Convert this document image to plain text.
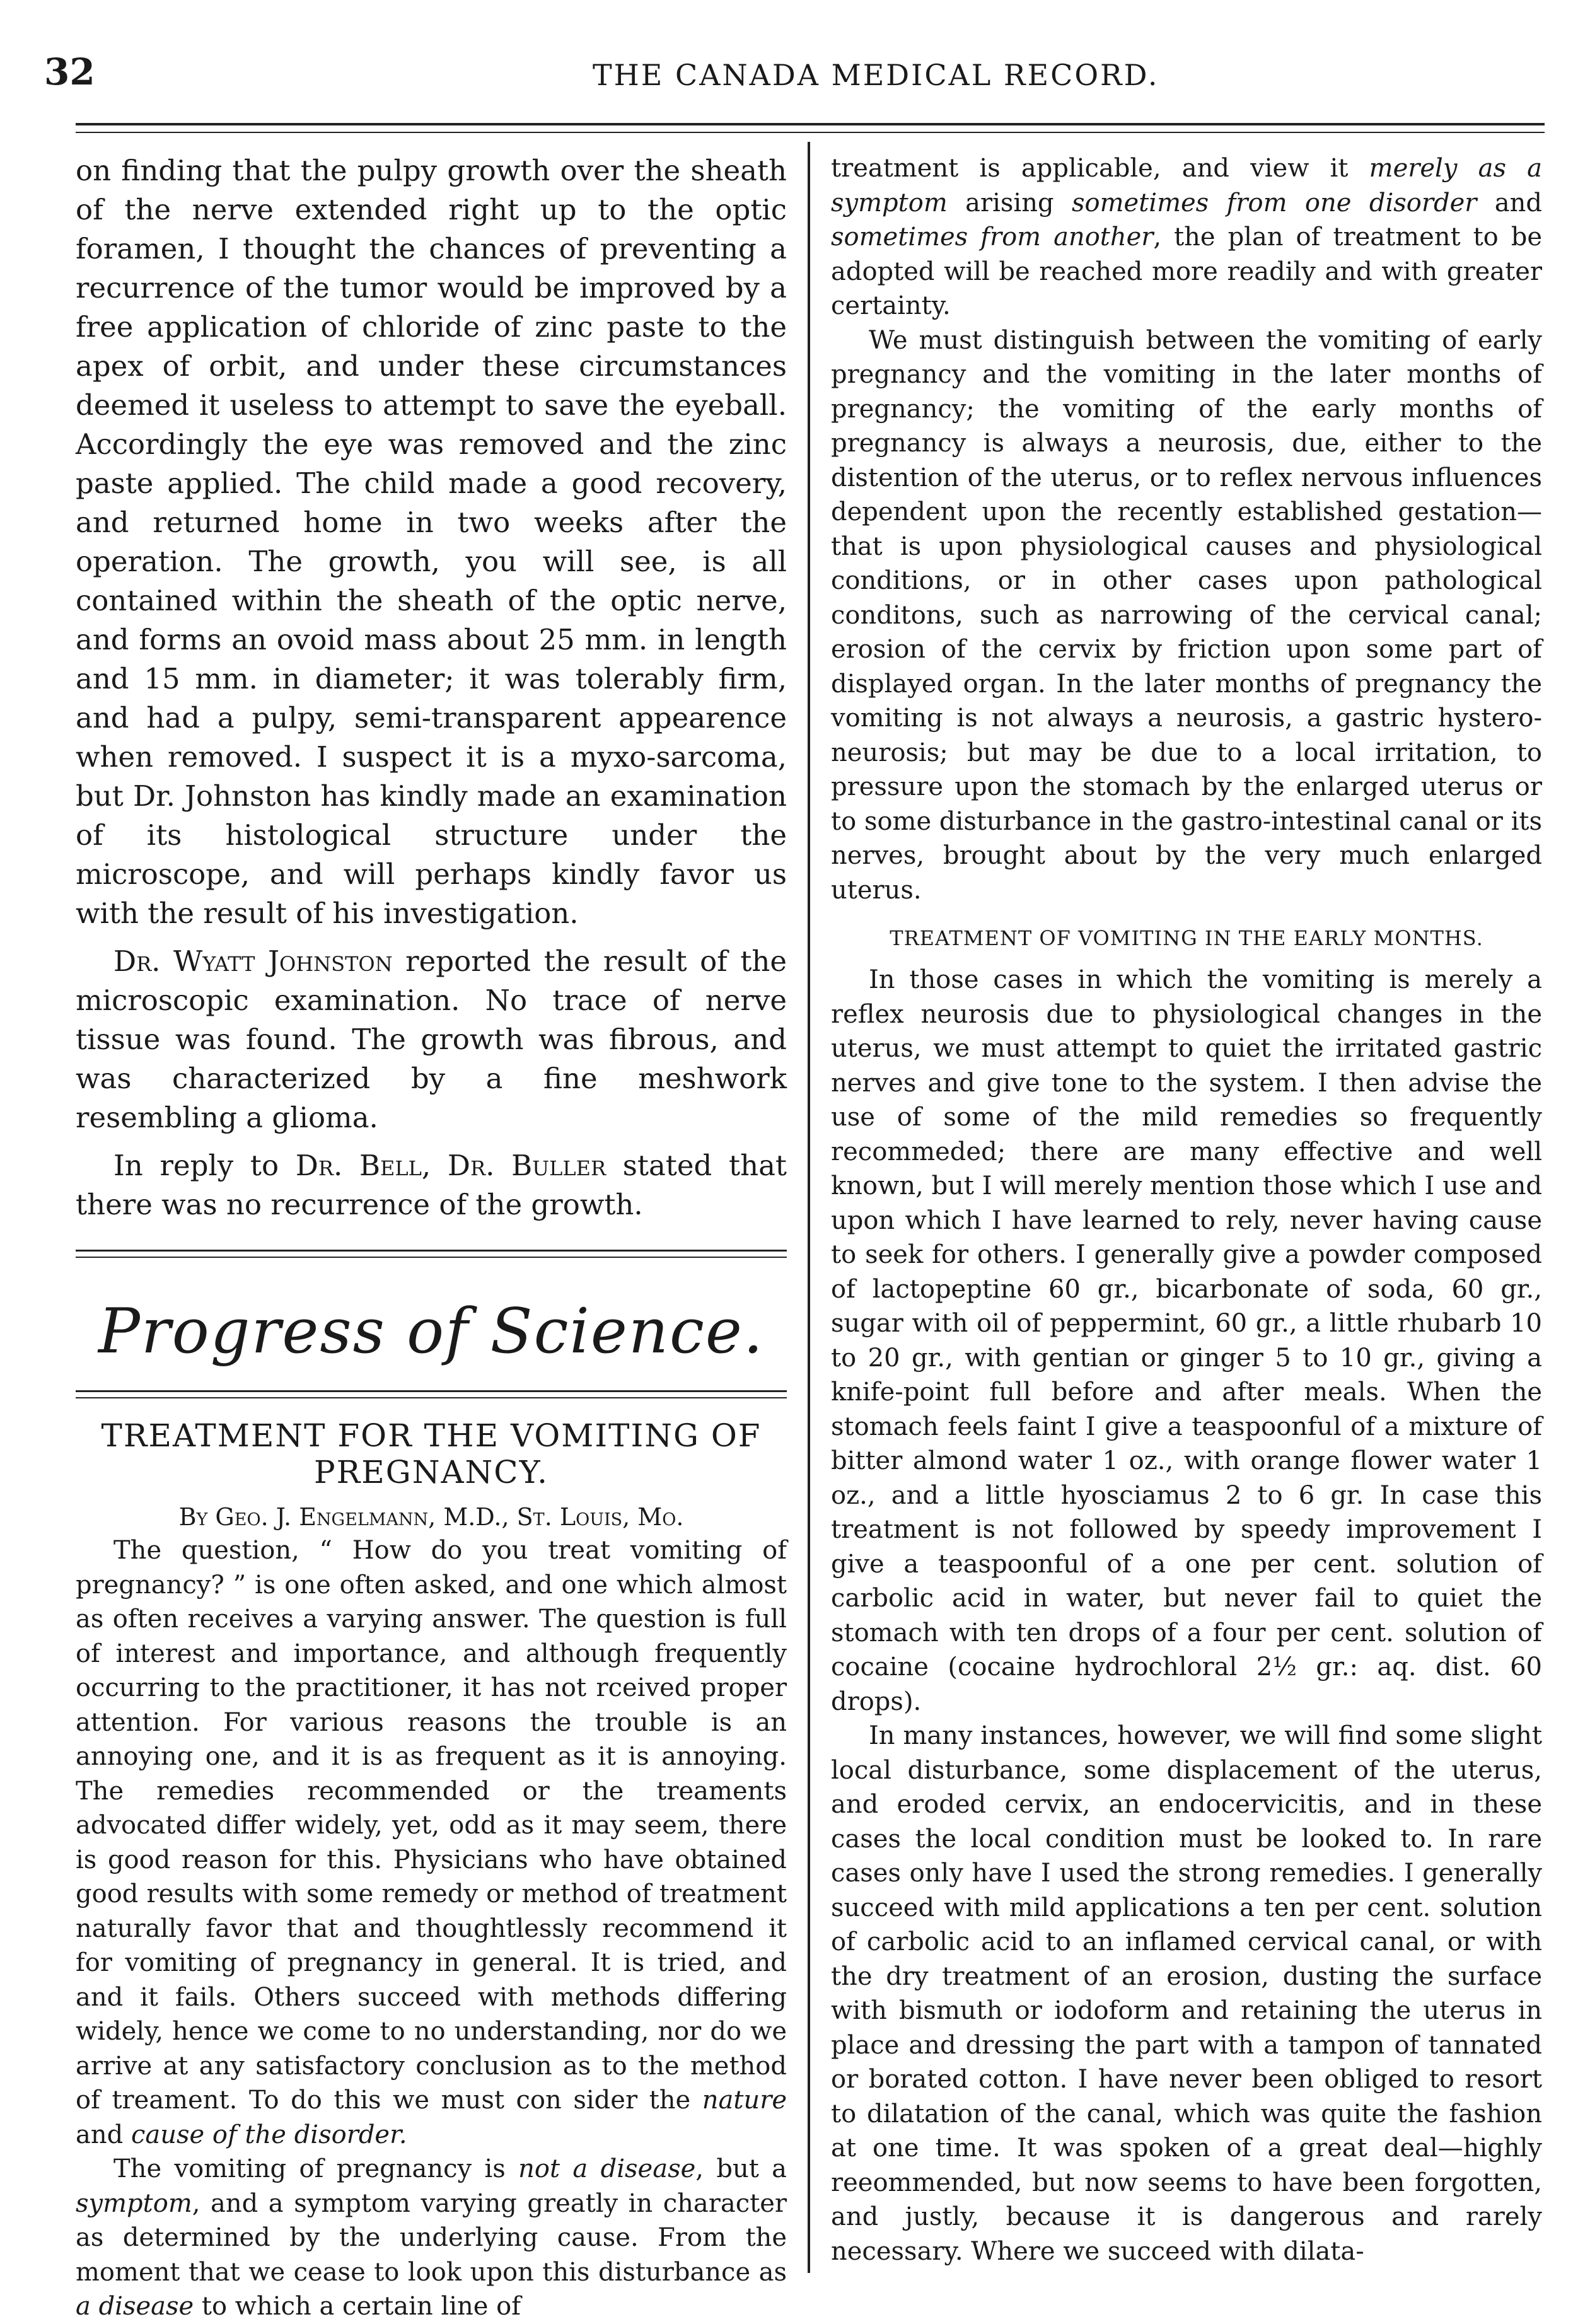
32	THE CANADA MEDICAL RECORD.

on finding that the pulpy growth over the sheath of the nerve extended right up to the optic foramen, I thought the chances of preventing a recurrence of the tumor would be improved by a free application of chloride of zinc paste to the apex of orbit, and under these circumstances deemed it useless to attempt to save the eyeball. Accordingly the eye was removed and the zinc paste applied. The child made a good recovery, and returned home in two weeks after the operation. The growth, you will see, is all contained within the sheath of the optic nerve, and forms an ovoid mass about 25 mm. in length and 15 mm. in diameter; it was tolerably firm, and had a pulpy, semi-transparent appearence when removed. I suspect it is a myxo-sarcoma, but Dr. Johnston has kindly made an examination of its histological structure under the microscope, and will perhaps kindly favor us with the result of his investigation.

Dr. Wyatt Johnston reported the result of the microscopic examination. No trace of nerve tissue was found. The growth was fibrous, and was characterized by a fine meshwork resembling a glioma.

In reply to Dr. Bell, Dr. Buller stated that there was no recurrence of the growth.

Progress of Science.
TREATMENT FOR THE VOMITING OF PREGNANCY.
By Geo. J. Engelmann, M.D., St. Louis, Mo.

The question, “ How do you treat vomiting of pregnancy? ” is one often asked, and one which almost as often receives a varying answer. The question is full of interest and importance, and although frequently occurring to the practitioner, it has not rceived proper attention. For various reasons the trouble is an annoying one, and it is as frequent as it is annoying. The remedies recommended or the treaments advocated differ widely, yet, odd as it may seem, there is good reason for this. Physicians who have obtained good results with some remedy or method of treatment naturally favor that and thoughtlessly recommend it for vomiting of pregnancy in general. It is tried, and and it fails. Others succeed with methods differing widely, hence we come to no understanding, nor do we arrive at any satisfactory conclusion as to the method of treament. To do this we must con sider the nature and cause of the disorder.

The vomiting of pregnancy is not a disease, but a symptom, and a symptom varying greatly in character as determined by the underlying cause. From the moment that we cease to look upon this disturbance as a disease to which a certain line of

treatment is applicable, and view it merely as a symptom arising sometimes from one disorder and sometimes from another, the plan of treatment to be adopted will be reached more readily and with greater certainty.

We must distinguish between the vomiting of early pregnancy and the vomiting in the later months of pregnancy; the vomiting of the early months of pregnancy is always a neurosis, due, either to the distention of the uterus, or to reflex nervous influences dependent upon the recently established gestation—that is upon physiological causes and physiological conditions, or in other cases upon pathological conditons, such as narrowing of the cervical canal; erosion of the cervix by friction upon some part of displayed organ. In the later months of pregnancy the vomiting is not always a neurosis, a gastric hystero-neurosis; but may be due to a local irritation, to pressure upon the stomach by the enlarged uterus or to some disturbance in the gastro-intestinal canal or its nerves, brought about by the very much enlarged uterus.

TREATMENT OF VOMITING IN THE EARLY MONTHS.

In those cases in which the vomiting is merely a reflex neurosis due to physiological changes in the uterus, we must attempt to quiet the irritated gastric nerves and give tone to the system. I then advise the use of some of the mild remedies so frequently recommeded; there are many effective and well known, but I will merely mention those which I use and upon which I have learned to rely, never having cause to seek for others. I generally give a powder composed of lactopeptine 60 gr., bicarbonate of soda, 60 gr., sugar with oil of peppermint, 60 gr., a little rhubarb 10 to 20 gr., with gentian or ginger 5 to 10 gr., giving a knife-point full before and after meals. When the stomach feels faint I give a teaspoonful of a mixture of bitter almond water 1 oz., with orange flower water 1 oz., and a little hyosciamus 2 to 6 gr. In case this treatment is not followed by speedy improvement I give a teaspoonful of a one per cent. solution of carbolic acid in water, but never fail to quiet the stomach with ten drops of a four per cent. solution of cocaine (cocaine hydrochloral 2½ gr.: aq. dist. 60 drops).

In many instances, however, we will find some slight local disturbance, some displacement of the uterus, and eroded cervix, an endocervicitis, and in these cases the local condition must be looked to. In rare cases only have I used the strong remedies. I generally succeed with mild applications a ten per cent. solution of carbolic acid to an inflamed cervical canal, or with the dry treatment of an erosion, dusting the surface with bismuth or iodoform and retaining the uterus in place and dressing the part with a tampon of tannated or borated cotton. I have never been obliged to resort to dilatation of the canal, which was quite the fashion at one time. It was spoken of a great deal—highly reeommended, but now seems to have been forgotten, and justly, because it is dangerous and rarely necessary. Where we succeed with dilata-
